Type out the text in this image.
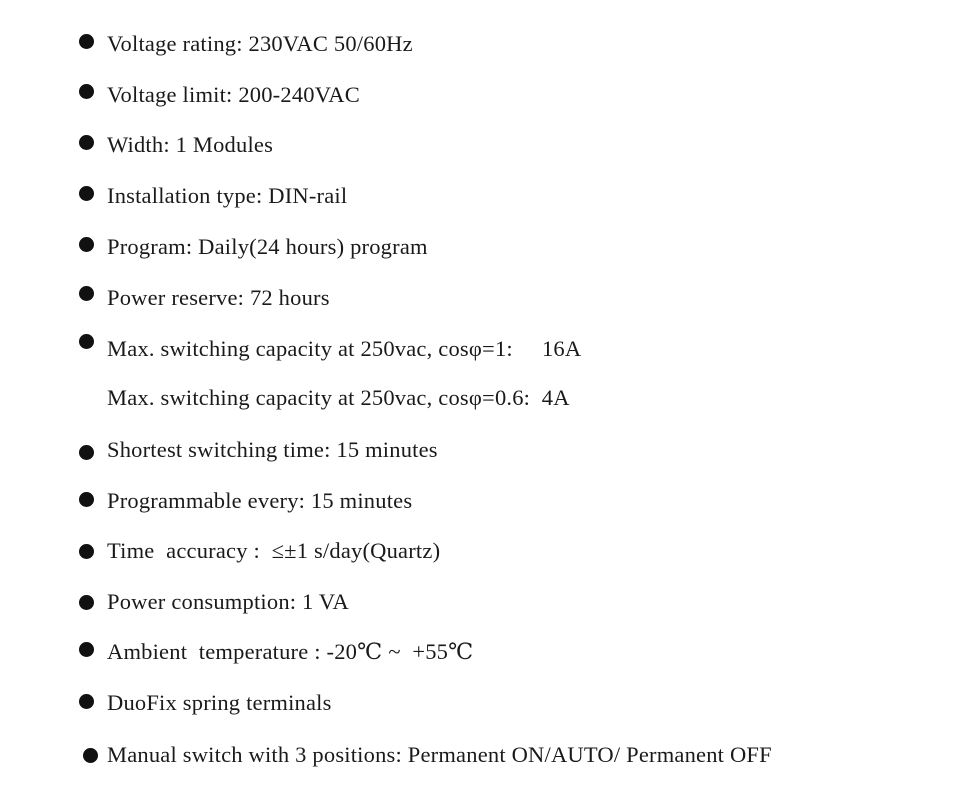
Voltage rating: 230VAC 50/60Hz
Voltage limit: 200-240VAC
Width: 1 Modules
Installation type: DIN-rail
Program: Daily(24 hours) program
Power reserve: 72 hours
Max. switching capacity at 250vac, cosφ=1:     16A
Max. switching capacity at 250vac, cosφ=0.6:  4A
Shortest switching time: 15 minutes
Programmable every: 15 minutes
Time  accuracy :  ≤±1 s/day(Quartz)
Power consumption: 1 VA
Ambient  temperature : -20℃ ~  +55℃
DuoFix spring terminals
Manual switch with 3 positions: Permanent ON/AUTO/ Permanent OFF
